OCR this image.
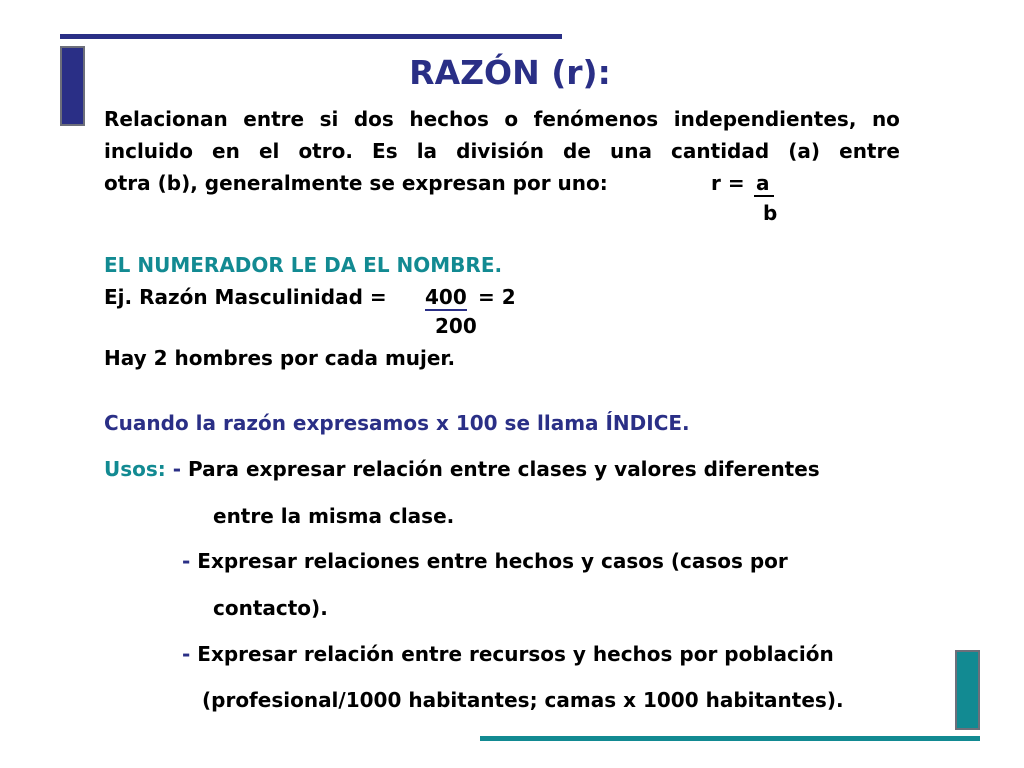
RAZÓN (r):
Relacionan entre si dos hechos o fenómenos independientes, no
incluido en el otro. Es la división de una cantidad (a) entre
otra (b), generalmente se expresan por uno:	r = a
b
EL NUMERADOR LE DA EL NOMBRE.
Ej. Razón Masculinidad = 400 = 2
200
Hay 2 hombres por cada mujer.
Cuando la razón expresamos x 100 se llama ÍNDICE.
Usos: - Para expresar relación entre clases y valores diferentes
entre la misma clase.
- Expresar relaciones entre hechos y casos (casos por
contacto).
- Expresar relación entre recursos y hechos por población
(profesional/1000 habitantes; camas x 1000 habitantes).
